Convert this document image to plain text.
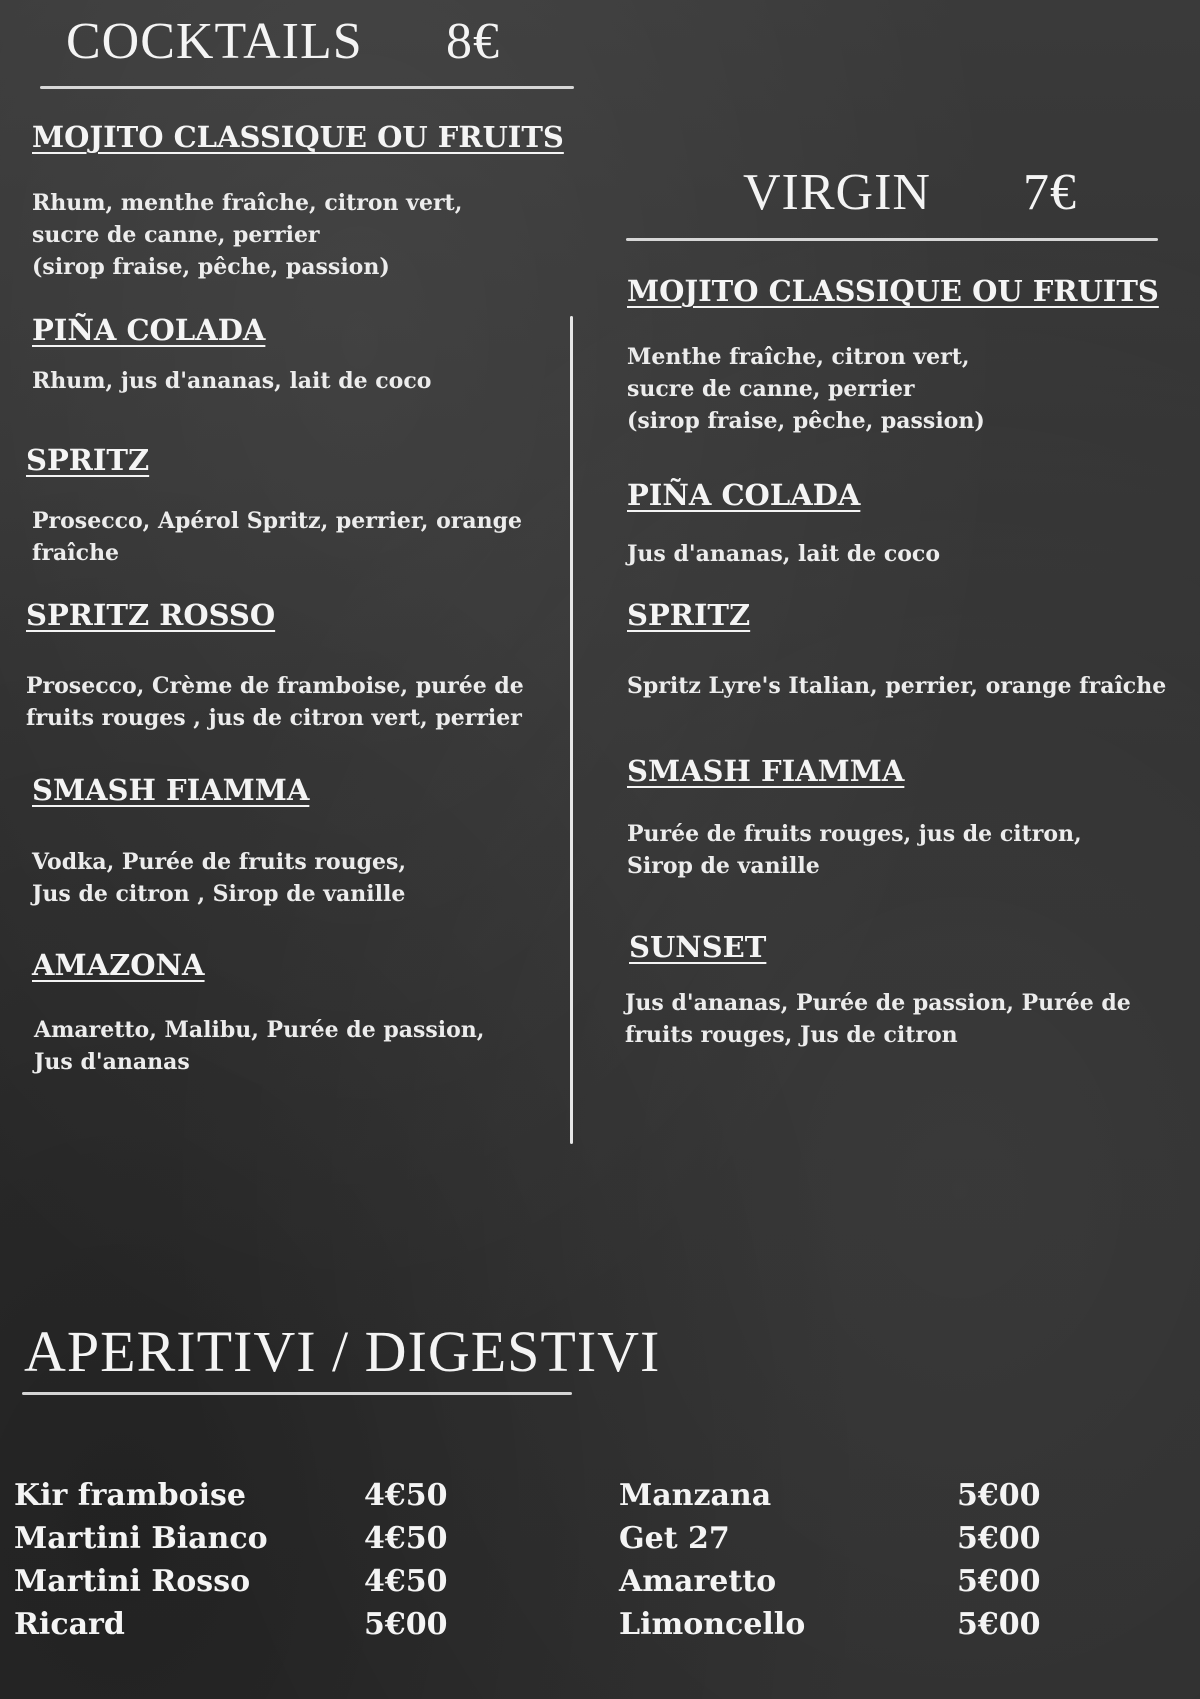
COCKTAILS 8€
MOJITO CLASSIQUE OU FRUITS
Rhum, menthe fraîche, citron vert,
sucre de canne, perrier
(sirop fraise, pêche, passion)
PIÑA COLADA
Rhum, jus d'ananas, lait de coco
SPRITZ
Prosecco, Apérol Spritz, perrier, orange
fraîche
SPRITZ ROSSO
Prosecco, Crème de framboise, purée de
fruits rouges , jus de citron vert, perrier
SMASH FIAMMA
Vodka, Purée de fruits rouges,
Jus de citron , Sirop de vanille
AMAZONA
Amaretto, Malibu, Purée de passion,
Jus d'ananas
VIRGIN 7€
MOJITO CLASSIQUE OU FRUITS
Menthe fraîche, citron vert,
sucre de canne, perrier
(sirop fraise, pêche, passion)
PIÑA COLADA
Jus d'ananas, lait de coco
SPRITZ
Spritz Lyre's Italian, perrier, orange fraîche
SMASH FIAMMA
Purée de fruits rouges, jus de citron,
Sirop de vanille
SUNSET
Jus d'ananas, Purée de passion, Purée de
fruits rouges, Jus de citron
APERITIVI / DIGESTIVI
Kir framboise	4€50
Martini Bianco	4€50
Martini Rosso	4€50
Ricard	5€00
Manzana	5€00
Get 27	5€00
Amaretto	5€00
Limoncello	5€00
